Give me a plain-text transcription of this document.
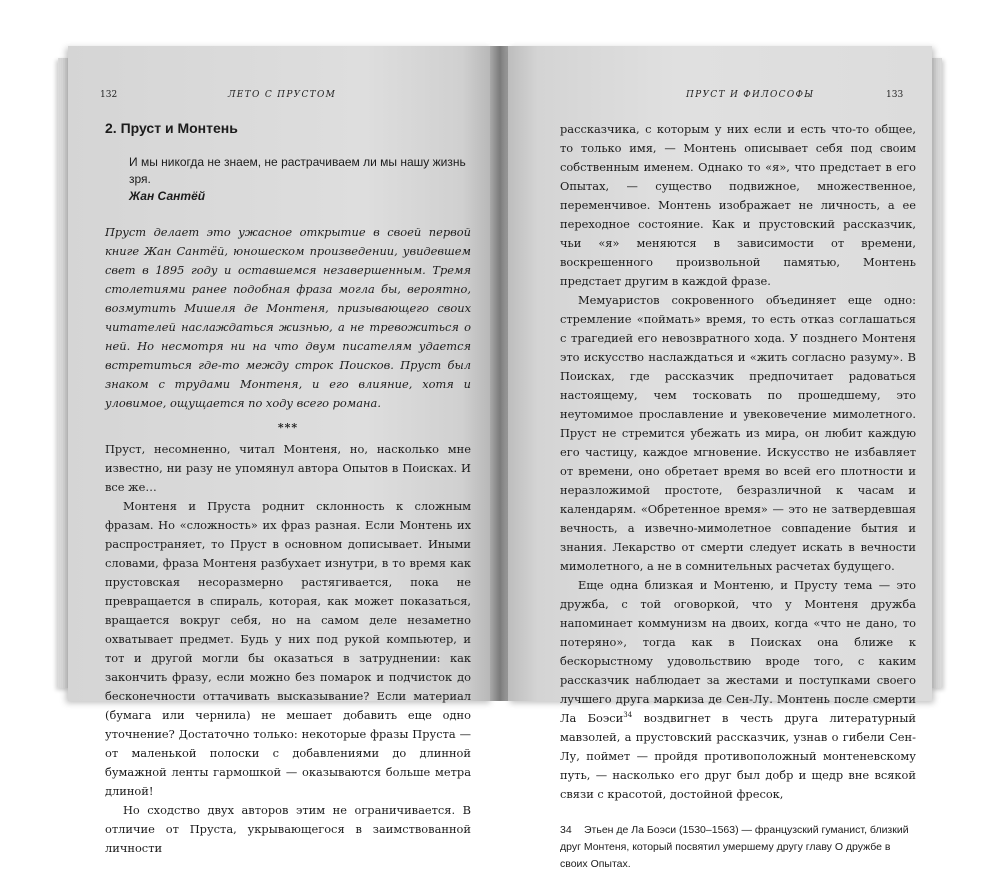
132	ЛЕТО С ПРУСТОМ
2. Пруст и Монтень

И мы никогда не знаем, не растрачиваем ли мы нашу жизнь зря.

Жан Сантёй

Пруст делает это ужасное открытие в своей первой книге Жан Сантёй, юношеском произведении, увидевшем свет в 1895 году и оставшемся незавершенным. Тремя столетиями ранее подобная фраза могла бы, вероятно, возмутить Мишеля де Монтеня, призывающего своих читателей наслаждаться жизнью, а не тревожиться о ней. Но несмотря ни на что двум писателям удается встретиться где-то между строк Поисков. Пруст был знаком с трудами Монтеня, и его влияние, хотя и уловимое, ощущается по ходу всего романа.

***

Пруст, несомненно, читал Монтеня, но, насколько мне известно, ни разу не упомянул автора Опытов в Поисках. И все же…

Монтеня и Пруста роднит склонность к сложным фразам. Но «сложность» их фраз разная. Если Монтень их распространяет, то Пруст в основном дописывает. Иными словами, фраза Монтеня разбухает изнутри, в то время как прустовская несоразмерно растягивается, пока не превращается в спираль, которая, как может показаться, вращается вокруг себя, но на самом деле незаметно охватывает предмет. Будь у них под рукой компьютер, и тот и другой могли бы оказаться в затруднении: как закончить фразу, если можно без помарок и подчисток до бесконечности оттачивать высказывание? Если материал (бумага или чернила) не мешает добавить еще одно уточнение? Достаточно только: некоторые фразы Пруста — от маленькой полоски с добавлениями до длинной бумажной ленты гармошкой — оказываются больше метра длиной!

Но сходство двух авторов этим не ограничивается. В отличие от Пруста, укрывающегося в заимствованной личности

ПРУСТ И ФИЛОСОФЫ	133

рассказчика, с которым у них если и есть что-то общее, то только имя, — Монтень описывает себя под своим собственным именем. Однако то «я», что предстает в его Опытах, — существо подвижное, множественное, переменчивое. Монтень изображает не личность, а ее переходное состояние. Как и прустовский рассказчик, чьи «я» меняются в зависимости от времени, воскрешенного произвольной памятью, Монтень предстает другим в каждой фразе.

Мемуаристов сокровенного объединяет еще одно: стремление «поймать» время, то есть отказ соглашаться с трагедией его невозвратного хода. У позднего Монтеня это искусство наслаждаться и «жить согласно разуму». В Поисках, где рассказчик предпочитает радоваться настоящему, чем тосковать по прошедшему, это неутомимое прославление и увековечение мимолетного. Пруст не стремится убежать из мира, он любит каждую его частицу, каждое мгновение. Искусство не избавляет от времени, оно обретает время во всей его плотности и неразложимой простоте, безразличной к часам и календарям. «Обретенное время» — это не затвердевшая вечность, а извечно-мимолетное совпадение бытия и знания. Лекарство от смерти следует искать в вечности мимолетного, а не в сомнительных расчетах будущего.

Еще одна близкая и Монтеню, и Прусту тема — это дружба, с той оговоркой, что у Монтеня дружба напоминает коммунизм на двоих, когда «что не дано, то потеряно», тогда как в Поисках она ближе к бескорыстному удовольствию вроде того, с каким рассказчик наблюдает за жестами и поступками своего лучшего друга маркиза де Сен-Лу. Монтень после смерти Ла Боэси$^{34}$ воздвигнет в честь друга литературный мавзолей, а прустовский рассказчик, узнав о гибели Сен-Лу, поймет — пройдя противоположный монтеневскому путь, — насколько его друг был добр и щедр вне всякой связи с красотой, достойной фресок,

34 Этьен де Ла Боэси (1530–1563) — французский гуманист, близкий друг Монтеня, который посвятил умершему другу главу О дружбе в своих Опытах.
